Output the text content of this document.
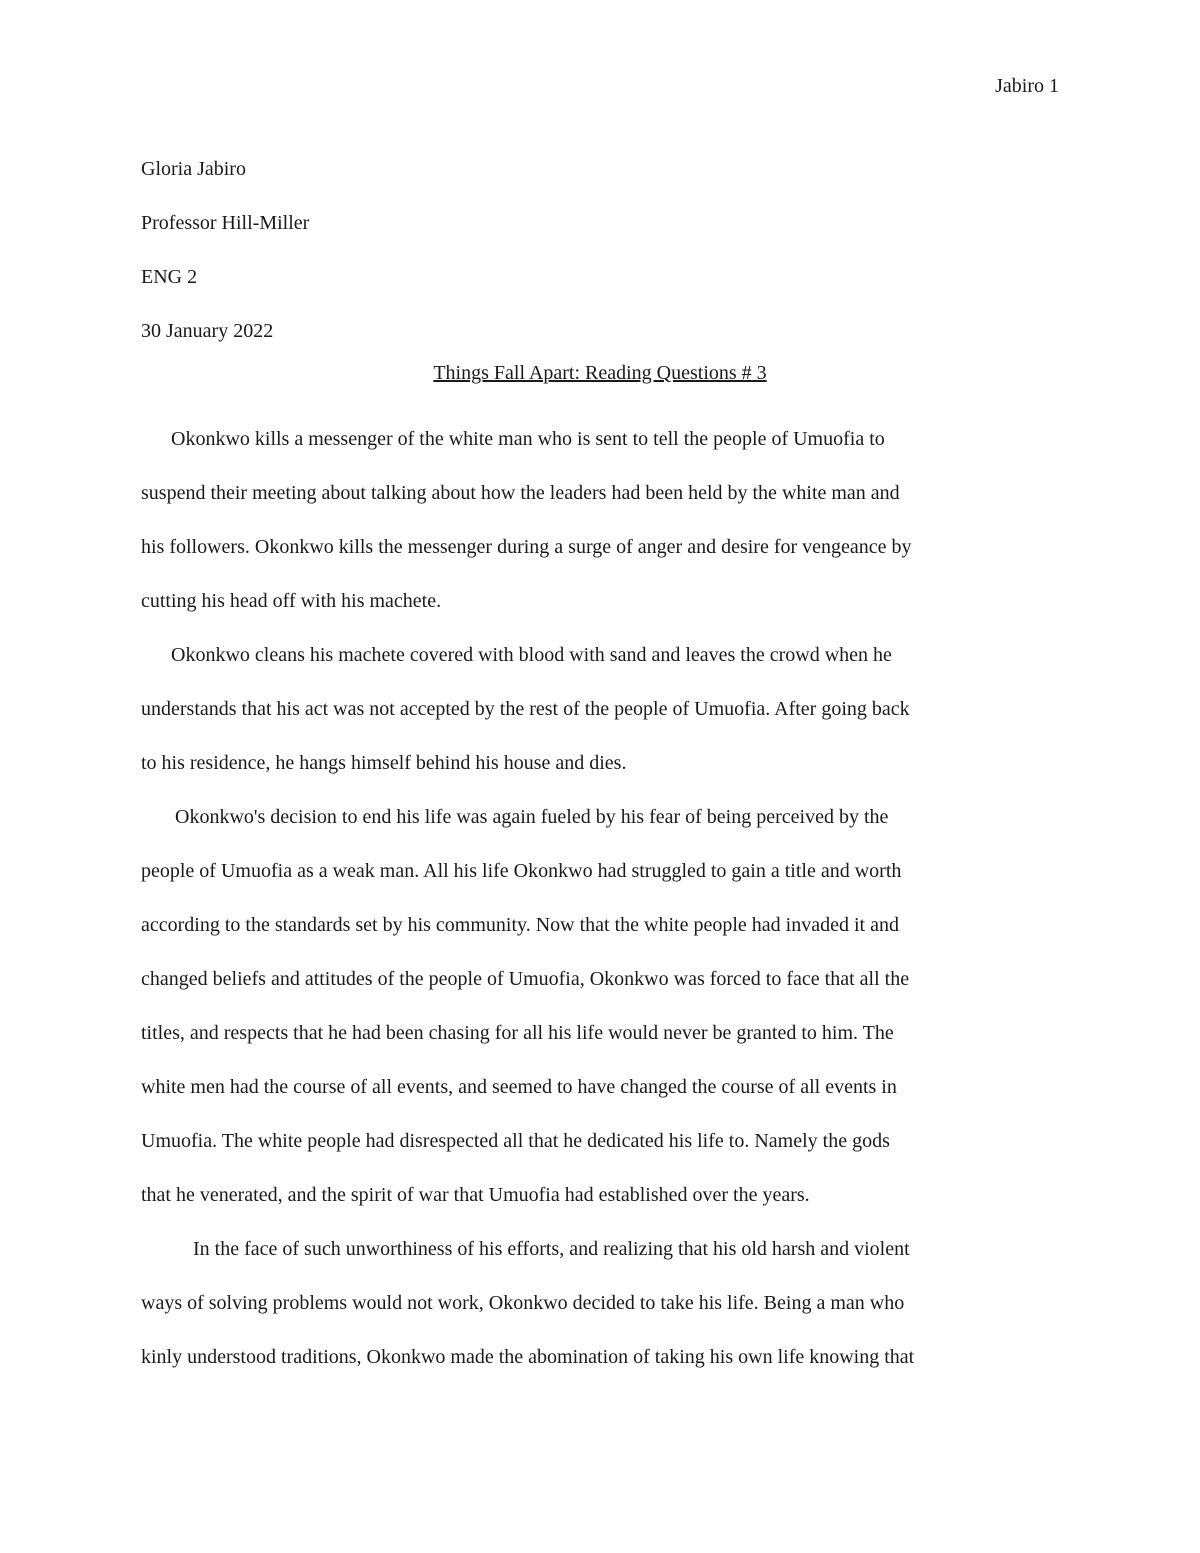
Jabiro 1
Gloria Jabiro
Professor Hill-Miller
ENG 2
30 January 2022
Things Fall Apart: Reading Questions # 3
Okonkwo kills a messenger of the white man who is sent to tell the people of Umuofia to
suspend their meeting about talking about how the leaders had been held by the white man and
his followers. Okonkwo kills the messenger during a surge of anger and desire for vengeance by
cutting his head off with his machete.
Okonkwo cleans his machete covered with blood with sand and leaves the crowd when he
understands that his act was not accepted by the rest of the people of Umuofia. After going back
to his residence, he hangs himself behind his house and dies.
Okonkwo's decision to end his life was again fueled by his fear of being perceived by the
people of Umuofia as a weak man. All his life Okonkwo had struggled to gain a title and worth
according to the standards set by his community. Now that the white people had invaded it and
changed beliefs and attitudes of the people of Umuofia, Okonkwo was forced to face that all the
titles, and respects that he had been chasing for all his life would never be granted to him. The
white men had the course of all events, and seemed to have changed the course of all events in
Umuofia. The white people had disrespected all that he dedicated his life to. Namely the gods
that he venerated, and the spirit of war that Umuofia had established over the years.
In the face of such unworthiness of his efforts, and realizing that his old harsh and violent
ways of solving problems would not work, Okonkwo decided to take his life. Being a man who
kinly understood traditions, Okonkwo made the abomination of taking his own life knowing that
